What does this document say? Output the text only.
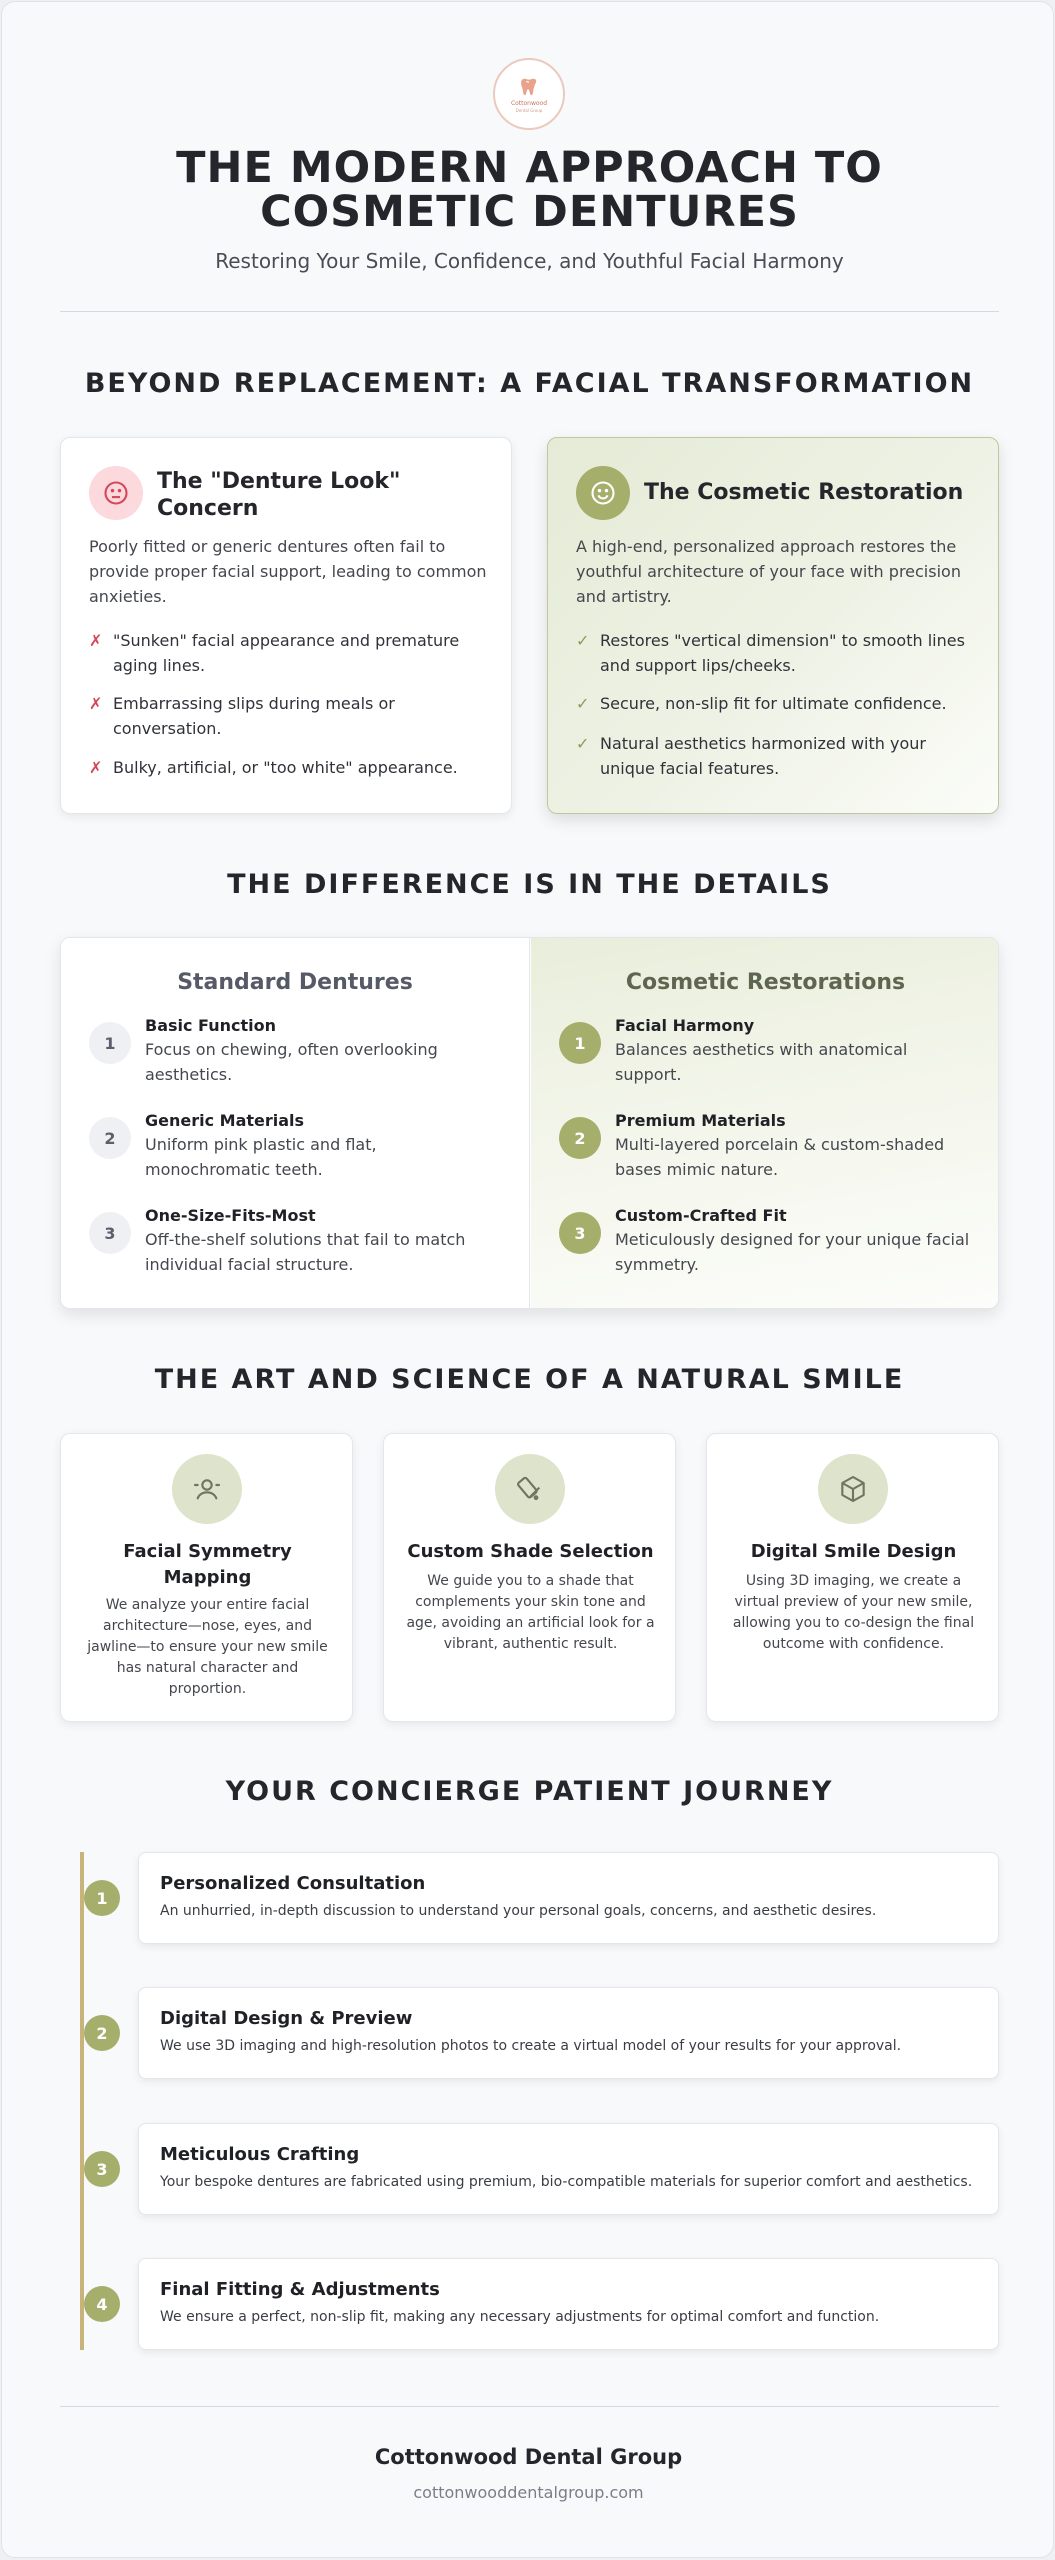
Cottonwood
Dental Group
THE MODERN APPROACH TO
COSMETIC DENTURES
Restoring Your Smile, Confidence, and Youthful Facial Harmony
BEYOND REPLACEMENT: A FACIAL TRANSFORMATION
The "Denture Look"
Concern

Poorly fitted or generic dentures often fail to provide proper facial support, leading to common anxieties.

✗ "Sunken" facial appearance and premature aging lines.
✗ Embarrassing slips during meals or conversation.
✗ Bulky, artificial, or "too white" appearance.
The Cosmetic Restoration

A high-end, personalized approach restores the youthful architecture of your face with precision and artistry.

✓ Restores "vertical dimension" to smooth lines and support lips/cheeks.
✓ Secure, non-slip fit for ultimate confidence.
✓ Natural aesthetics harmonized with your unique facial features.
THE DIFFERENCE IS IN THE DETAILS
Standard Dentures
1
Basic Function
Focus on chewing, often overlooking aesthetics.
2
Generic Materials
Uniform pink plastic and flat, monochromatic teeth.
3
One-Size-Fits-Most
Off-the-shelf solutions that fail to match individual facial structure.
Cosmetic Restorations
1
Facial Harmony
Balances aesthetics with anatomical support.
2
Premium Materials
Multi-layered porcelain & custom-shaded bases mimic nature.
3
Custom-Crafted Fit
Meticulously designed for your unique facial symmetry.
THE ART AND SCIENCE OF A NATURAL SMILE
Facial Symmetry Mapping
We analyze your entire facial architecture—nose, eyes, and jawline—to ensure your new smile has natural character and proportion.
Custom Shade Selection
We guide you to a shade that complements your skin tone and age, avoiding an artificial look for a vibrant, authentic result.
Digital Smile Design
Using 3D imaging, we create a virtual preview of your new smile, allowing you to co-design the final outcome with confidence.
YOUR CONCIERGE PATIENT JOURNEY
1
Personalized Consultation
An unhurried, in-depth discussion to understand your personal goals, concerns, and aesthetic desires.
2
Digital Design & Preview
We use 3D imaging and high-resolution photos to create a virtual model of your results for your approval.
3
Meticulous Crafting
Your bespoke dentures are fabricated using premium, bio-compatible materials for superior comfort and aesthetics.
4
Final Fitting & Adjustments
We ensure a perfect, non-slip fit, making any necessary adjustments for optimal comfort and function.
Cottonwood Dental Group
cottonwooddentalgroup.com
